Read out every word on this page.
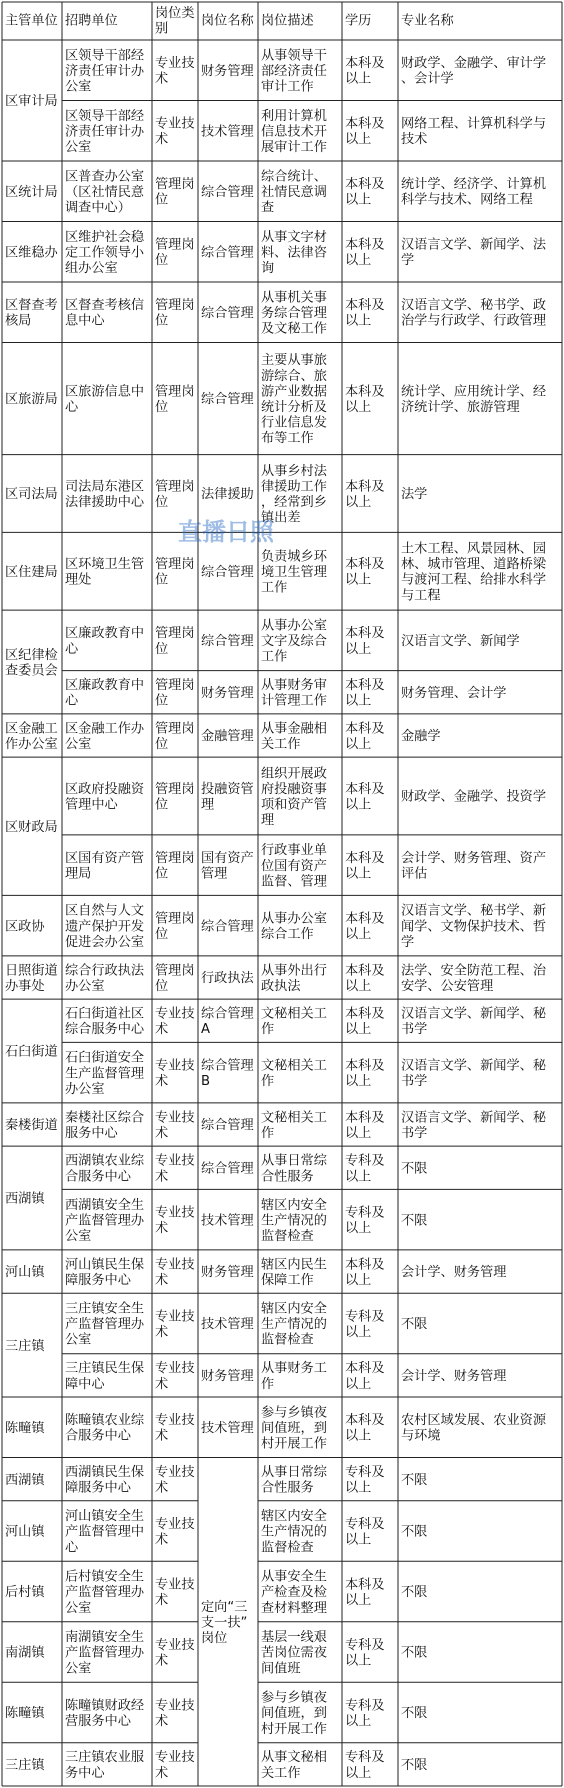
主管单位 招聘单位
岗位类别
岗位名称 岗位描述 学历 专业名称
区审计局
区领导干部经济责任审计办公室
专业技术
财务管理
从事领导干部经济责任审计工作
本科及以上
财政学、金融学、审计学、会计学
区领导干部经济责任审计办公室
专业技术
技术管理
利用计算机信息技术开展审计工作
本科及以上
网络工程、计算机科学与技术
区统计局
区普查办公室（区社情民意调查中心）
管理岗位
综合管理
综合统计、社情民意调查
本科及以上
统计学、经济学、计算机科学与技术、网络工程
区维稳办
区维护社会稳定工作领导小组办公室
管理岗位
综合管理
从事文字材料、法律咨询
本科及以上
汉语言文学、新闻学、法学
区督查考核局
区督查考核信息中心
管理岗位
综合管理
从事机关事务综合管理及文秘工作
本科及以上
汉语言文学、秘书学、政治学与行政学、行政管理
区旅游局
区旅游信息中心
管理岗位
综合管理
主要从事旅游综合、旅游产业数据统计分析及行业信息发布等工作
本科及以上
统计学、应用统计学、经济统计学、旅游管理
区司法局
司法局东港区法律援助中心
管理岗位
法律援助
从事乡村法律援助工作，经常到乡镇出差
本科及以上
法学
区住建局
区环境卫生管理处
管理岗位
综合管理
负责城乡环境卫生管理工作
本科及以上
土木工程、风景园林、园林、城市管理、道路桥梁与渡河工程、给排水科学与工程
区纪律检查委员会
区廉政教育中心
管理岗位
综合管理
从事办公室文字及综合工作
本科及以上
汉语言文学、新闻学
区廉政教育中心
管理岗位
财务管理
从事财务审计管理工作
本科及以上
财务管理、会计学
区金融工作办公室
区金融工作办公室
管理岗位
金融管理
从事金融相关工作
本科及以上
金融学
区财政局
区政府投融资管理中心
管理岗位
投融资管理
组织开展政府投融资事项和资产管理
本科及以上
财政学、金融学、投资学
区国有资产管理局
管理岗位
国有资产管理
行政事业单位国有资产监督、管理
本科及以上
会计学、财务管理、资产评估
区政协
区自然与人文遗产保护开发促进会办公室
管理岗位
综合管理
从事办公室综合工作
本科及以上
汉语言文学、秘书学、新闻学、文物保护技术、哲学
日照街道办事处
综合行政执法办公室
管理岗位
行政执法
从事外出行政执法
本科及以上
法学、安全防范工程、治安学、公安管理
石臼街道
石臼街道社区综合服务中心
专业技术
综合管理 A
文秘相关工作
本科及以上
汉语言文学、新闻学、秘书学
石臼街道安全生产监督管理办公室
专业技术
综合管理 B
文秘相关工作
本科及以上
汉语言文学、新闻学、秘书学
秦楼街道
秦楼社区综合服务中心
专业技术
综合管理
文秘相关工作
本科及以上
汉语言文学、新闻学、秘书学
西湖镇
西湖镇农业综合服务中心
专业技术
综合管理
从事日常综合性服务
专科及以上
不限
西湖镇安全生产监督管理办公室
专业技术
技术管理
辖区内安全生产情况的监督检查
专科及以上
不限
河山镇
河山镇民生保障服务中心
专业技术
财务管理
辖区内民生保障工作
本科及以上
会计学、财务管理
三庄镇
三庄镇安全生产监督管理办公室
专业技术
技术管理
辖区内安全生产情况的监督检查
专科及以上
不限
三庄镇民生保障中心
专业技术
财务管理
从事财务工作
本科及以上
会计学、财务管理
陈疃镇
陈疃镇农业综合服务中心
专业技术
技术管理
参与乡镇夜间值班，到村开展工作
本科及以上
农村区域发展、农业资源与环境
西湖镇
西湖镇民生保障服务中心
专业技术
从事日常综合性服务
专科及以上
不限
河山镇
河山镇安全生产监督管理中心
专业技术
辖区内安全生产情况的监督检查
专科及以上
不限
后村镇
后村镇安全生产监督管理办公室
专业技术
从事安全生产检查及检查材料整理
本科及以上
不限
南湖镇
南湖镇安全生产监督管理办公室
专业技术
基层一线艰苦岗位需夜间值班
专科及以上
不限
陈疃镇
陈疃镇财政经营服务中心
专业技术
参与乡镇夜间值班，到村开展工作
专科及以上
不限
三庄镇
三庄镇农业服务中心
专业技术
从事文秘相关工作
专科及以上
不限
定向“三支一扶”岗位
直播日照
